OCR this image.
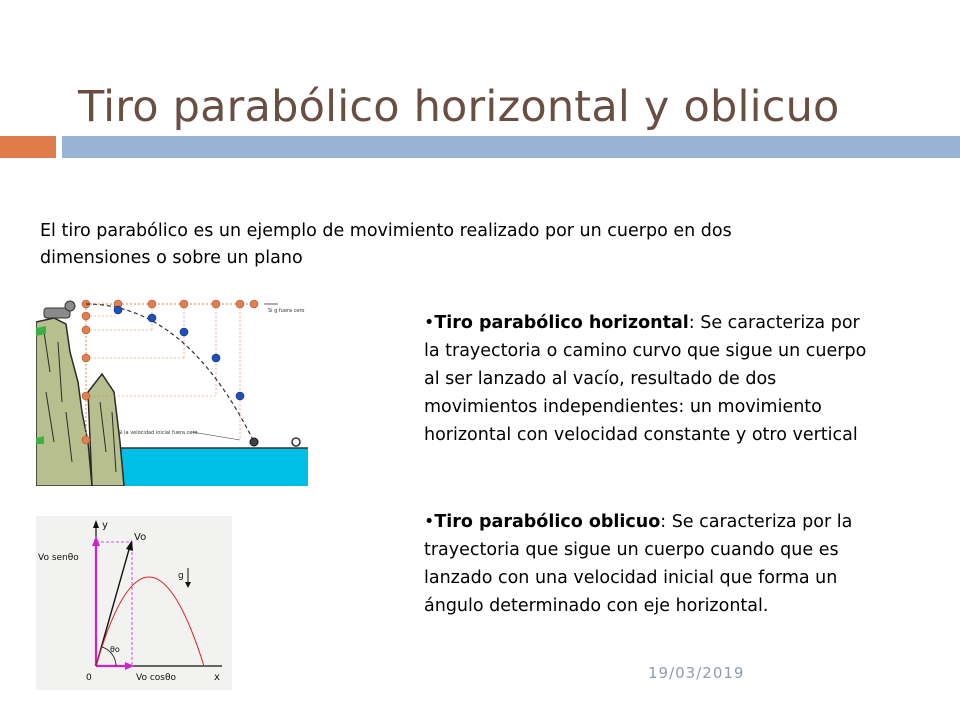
Tiro parabólico horizontal y oblicuo
El tiro parabólico es un ejemplo de movimiento realizado por un cuerpo en dos dimensiones o sobre un plano
Si g fuera cero
Si la velocidad inicial fuera cero
•Tiro parabólico horizontal: Se caracteriza por la trayectoria o camino curvo que sigue un cuerpo al ser lanzado al vacío, resultado de dos movimientos independientes: un movimiento horizontal con velocidad constante y otro vertical
y
x
0
Vo
Vo senθo
Vo cosθo
θo
g
•Tiro parabólico oblicuo: Se caracteriza por la trayectoria que sigue un cuerpo cuando que es lanzado con una velocidad inicial que forma un ángulo determinado con eje horizontal.
19/03/2019
